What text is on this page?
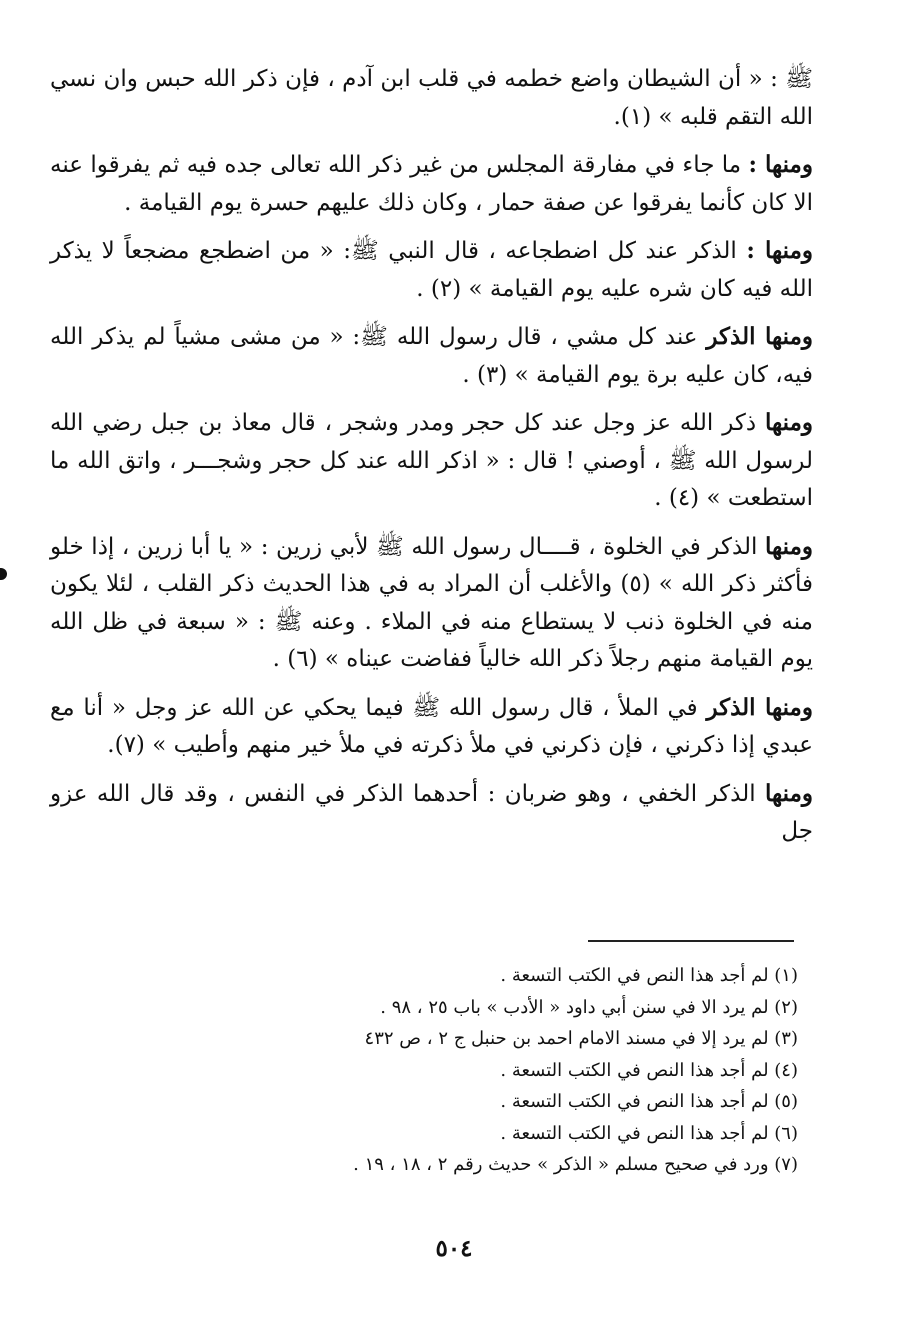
ﷺ : « أن الشيطان واضع خطمه في قلب ابن آدم ، فإن ذكر الله حبس وان نسي الله التقم قلبه » (١).

ومنها : ما جاء في مفارقة المجلس من غير ذكر الله تعالى جده فيه ثم يفرقوا عنه الا كان كأنما يفرقوا عن صفة حمار ، وكان ذلك عليهم حسرة يوم القيامة .

ومنها : الذكر عند كل اضطجاعه ، قال النبي ﷺ: « من اضطجع مضجعاً لا يذكر الله فيه كان شره عليه يوم القيامة » (٢) .

ومنها الذكر عند كل مشي ، قال رسول الله ﷺ: « من مشى مشياً لم يذكر الله فيه، كان عليه برة يوم القيامة » (٣) .

ومنها ذكر الله عز وجل عند كل حجر ومدر وشجر ، قال معاذ بن جبل رضي الله لرسول الله ﷺ ، أوصني ! قال : « اذكر الله عند كل حجر وشجـــر ، واتق الله ما استطعت » (٤) .

ومنها الذكر في الخلوة ، قــــال رسول الله ﷺ لأبي زرين : « يا أبا زرين ، إذا خلو فأكثر ذكر الله » (٥) والأغلب أن المراد به في هذا الحديث ذكر القلب ، لئلا يكون منه في الخلوة ذنب لا يستطاع منه في الملاء . وعنه ﷺ : « سبعة في ظل الله يوم القيامة منهم رجلاً ذكر الله خالياً ففاضت عيناه » (٦) .

ومنها الذكر في الملأ ، قال رسول الله ﷺ فيما يحكي عن الله عز وجل « أنا مع عبدي إذا ذكرني ، فإن ذكرني في ملأ ذكرته في ملأ خير منهم وأطيب » (٧).

ومنها الذكر الخفي ، وهو ضربان : أحدهما الذكر في النفس ، وقد قال الله عزو جل

(١) لم أجد هذا النص في الكتب التسعة .
(٢) لم يرد الا في سنن أبي داود « الأدب » باب ٢٥ ، ٩٨ .
(٣) لم يرد إلا في مسند الامام احمد بن حنبل ج ٢ ، ص ٤٣٢
(٤) لم أجد هذا النص في الكتب التسعة .
(٥) لم أجد هذا النص في الكتب التسعة .
(٦) لم أجد هذا النص في الكتب التسعة .
(٧) ورد في صحيح مسلم « الذكر » حديث رقم ٢ ، ١٨ ، ١٩ .
٥٠٤
